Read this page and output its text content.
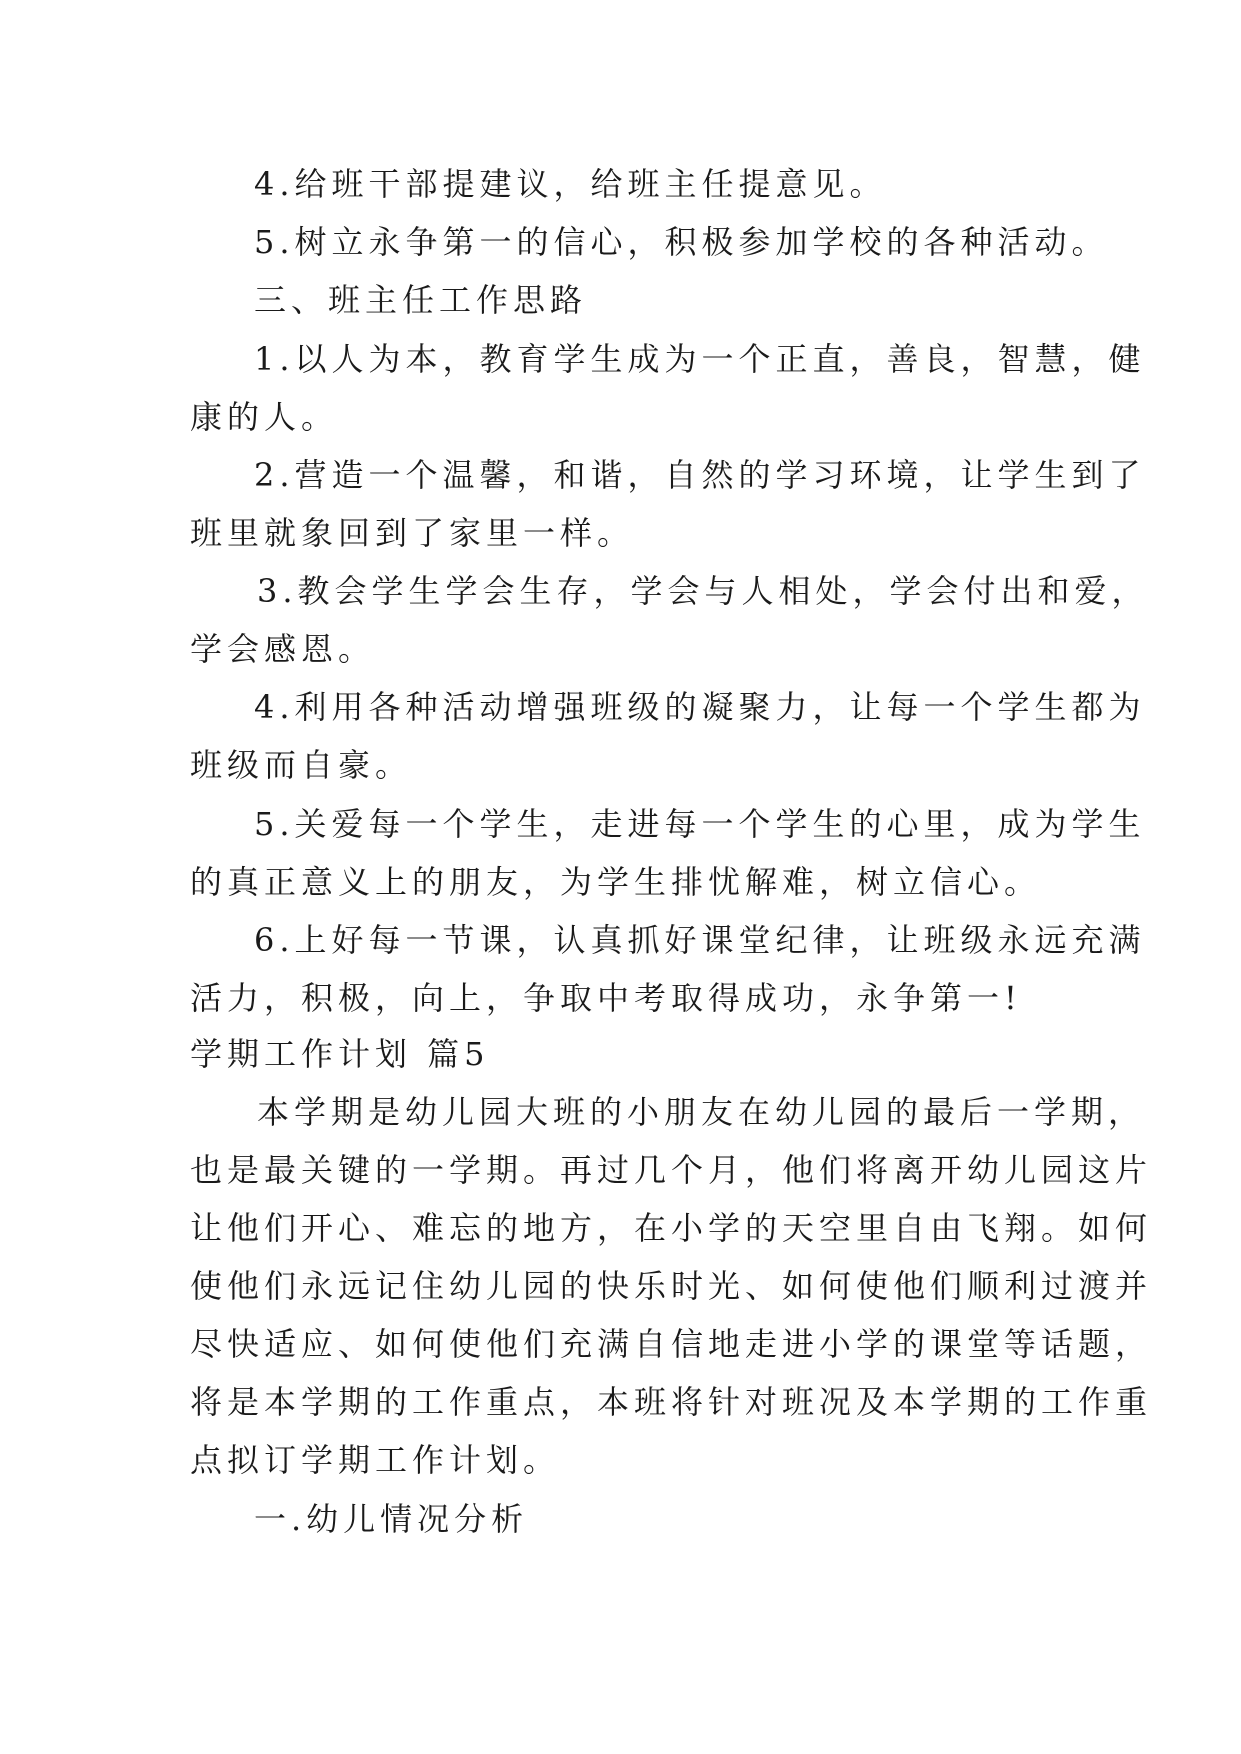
4.给班干部提建议，给班主任提意见。
5.树立永争第一的信心，积极参加学校的各种活动。
三、班主任工作思路
1.以人为本，教育学生成为一个正直，善良，智慧，健
康的人。
2.营造一个温馨，和谐，自然的学习环境，让学生到了
班里就象回到了家里一样。
3.教会学生学会生存，学会与人相处，学会付出和爱，
学会感恩。
4.利用各种活动增强班级的凝聚力，让每一个学生都为
班级而自豪。
5.关爱每一个学生，走进每一个学生的心里，成为学生
的真正意义上的朋友，为学生排忧解难，树立信心。
6.上好每一节课，认真抓好课堂纪律，让班级永远充满
活力，积极，向上，争取中考取得成功，永争第一!
学期工作计划 篇5
本学期是幼儿园大班的小朋友在幼儿园的最后一学期，
也是最关键的一学期。再过几个月，他们将离开幼儿园这片
让他们开心、难忘的地方，在小学的天空里自由飞翔。如何
使他们永远记住幼儿园的快乐时光、如何使他们顺利过渡并
尽快适应、如何使他们充满自信地走进小学的课堂等话题，
将是本学期的工作重点，本班将针对班况及本学期的工作重
点拟订学期工作计划。
一.幼儿情况分析
